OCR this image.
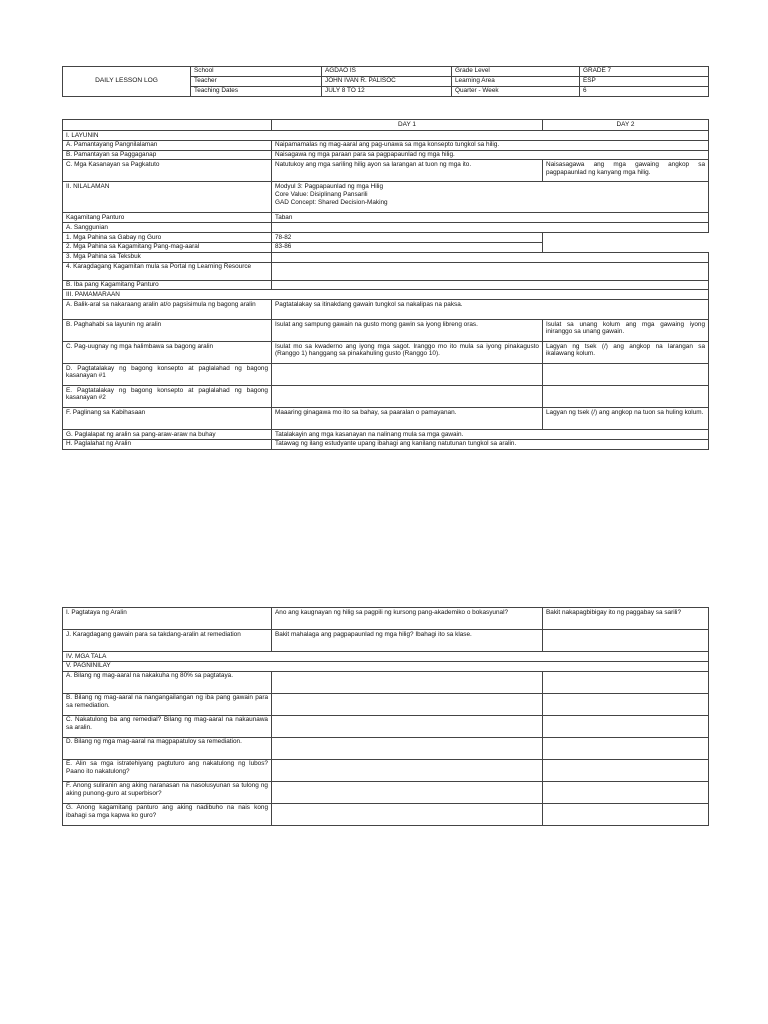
DAILY LESSON LOG	School	AGDAO IS	Grade Level	GRADE 7
	Teacher	JOHN IVAN R. PALISOC	Learning Area	ESP
	Teaching Dates	JULY 8 TO 12	Quarter - Week	6
	DAY 1	DAY 2
I. LAYUNIN		
A. Pamantayang Pangnilalaman	Naipamamalas ng mag-aaral ang pag-unawa sa mga konsepto tungkol sa hilig.	
B. Pamantayan sa Paggaganap	Naisagawa ng mga paraan para sa pagpapaunlad ng mga hilig.	
C. Mga Kasanayan sa Pagkatuto	Natutukoy ang mga sariling hilig ayon sa larangan at tuon ng mga ito.	Naisasagawa ang mga gawaing angkop sa pagpapaunlad ng kanyang mga hilig.
II. NILALAMAN	Modyul 3: Pagpapaunlad ng mga Hilig
Core Value: Disiplinang Pansarili
GAD Concept: Shared Decision-Making	

Kagamitang Panturo	Taban	
A. Sanggunian		
1. Mga Pahina sa Gabay ng Guro	78-82	
2. Mga Pahina sa Kagamitang Pang-mag-aaral	83-86	
3. Mga Pahina sa Teksbuk		
4. Karagdagang Kagamitan mula sa Portal ng Learning Resource		
B. Iba pang Kagamitang Panturo		
III. PAMAMARAAN		
A. Balik-aral sa nakaraang aralin at/o pagsisimula ng bagong aralin	Pagtatalakay sa itinakdang gawain tungkol sa nakalipas na paksa.	
B. Paghahabi sa layunin ng aralin	Isulat ang sampung gawain na gusto mong gawin sa iyong libreng oras.	Isulat sa unang kolum ang mga gawaing iyong iniranggo sa unang gawain.
C. Pag-uugnay ng mga halimbawa sa bagong aralin	Isulat mo sa kwaderno ang iyong mga sagot. Iranggo mo ito mula sa iyong pinakagusto (Ranggo 1) hanggang sa pinakahuling gusto (Ranggo 10).	Lagyan ng tsek (/) ang angkop na larangan sa ikalawang kolum.
D. Pagtatalakay ng bagong konsepto at paglalahad ng bagong kasanayan #1		
E. Pagtatalakay ng bagong konsepto at paglalahad ng bagong kasanayan #2		
F. Paglinang sa Kabihasaan	Maaaring ginagawa mo ito sa bahay, sa paaralan o pamayanan.	Lagyan ng tsek (/) ang angkop na tuon sa huling kolum.
G. Paglalapat ng aralin sa pang-araw-araw na buhay	Tatalakayin ang mga kasanayan na nalinang mula sa mga gawain.	
H. Paglalahat ng Aralin	Tatawag ng ilang estudyante upang ibahagi ang kanilang natutunan tungkol sa aralin.	
I. Pagtataya ng Aralin	Ano ang kaugnayan ng hilig sa pagpili ng kursong pang-akademiko o bokasyunal?	Bakit nakapagbibigay ito ng paggabay sa sarili?
J. Karagdagang gawain para sa takdang-aralin at remediation	Bakit mahalaga ang pagpapaunlad ng mga hilig? Ibahagi ito sa klase.	
IV. MGA TALA		
V. PAGNINILAY		
A. Bilang ng mag-aaral na nakakuha ng 80% sa pagtataya.		
B. Bilang ng mag-aaral na nangangailangan ng iba pang gawain para sa remediation.		
C. Nakatulong ba ang remedial? Bilang ng mag-aaral na nakaunawa sa aralin.		
D. Bilang ng mga mag-aaral na magpapatuloy sa remediation.		
E. Alin sa mga istratehiyang pagtuturo ang nakatulong ng lubos? Paano ito nakatulong?		
F. Anong suliranin ang aking naranasan na nasolusyunan sa tulong ng aking punong-guro at superbisor?		
G. Anong kagamitang panturo ang aking nadibuho na nais kong ibahagi sa mga kapwa ko guro?		
